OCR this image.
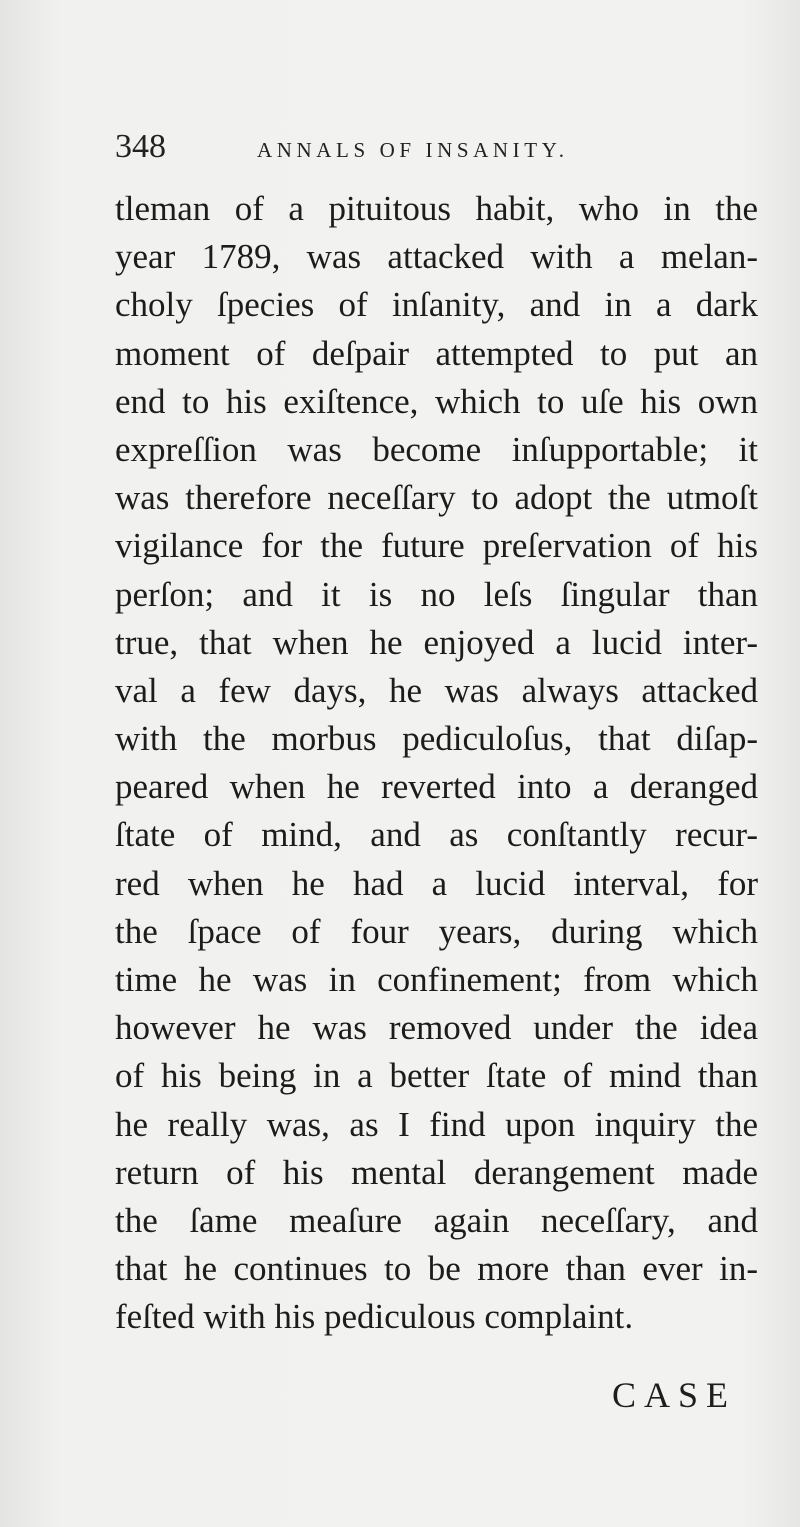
348	ANNALS OF INSANITY.
tleman of a pituitous habit, who in the
year 1789, was attacked with a melan-
choly ſpecies of inſanity, and in a dark
moment of deſpair attempted to put an
end to his exiſtence, which to uſe his own
expreſſion was become inſupportable; it
was therefore neceſſary to adopt the utmoſt
vigilance for the future preſervation of his
perſon; and it is no leſs ſingular than
true, that when he enjoyed a lucid inter-
val a few days, he was always attacked
with the morbus pediculoſus, that diſap-
peared when he reverted into a deranged
ſtate of mind, and as conſtantly recur-
red when he had a lucid interval, for
the ſpace of four years, during which
time he was in confinement; from which
however he was removed under the idea
of his being in a better ſtate of mind than
he really was, as I find upon inquiry the
return of his mental derangement made
the ſame meaſure again neceſſary, and
that he continues to be more than ever in-
feſted with his pediculous complaint.
CASE
